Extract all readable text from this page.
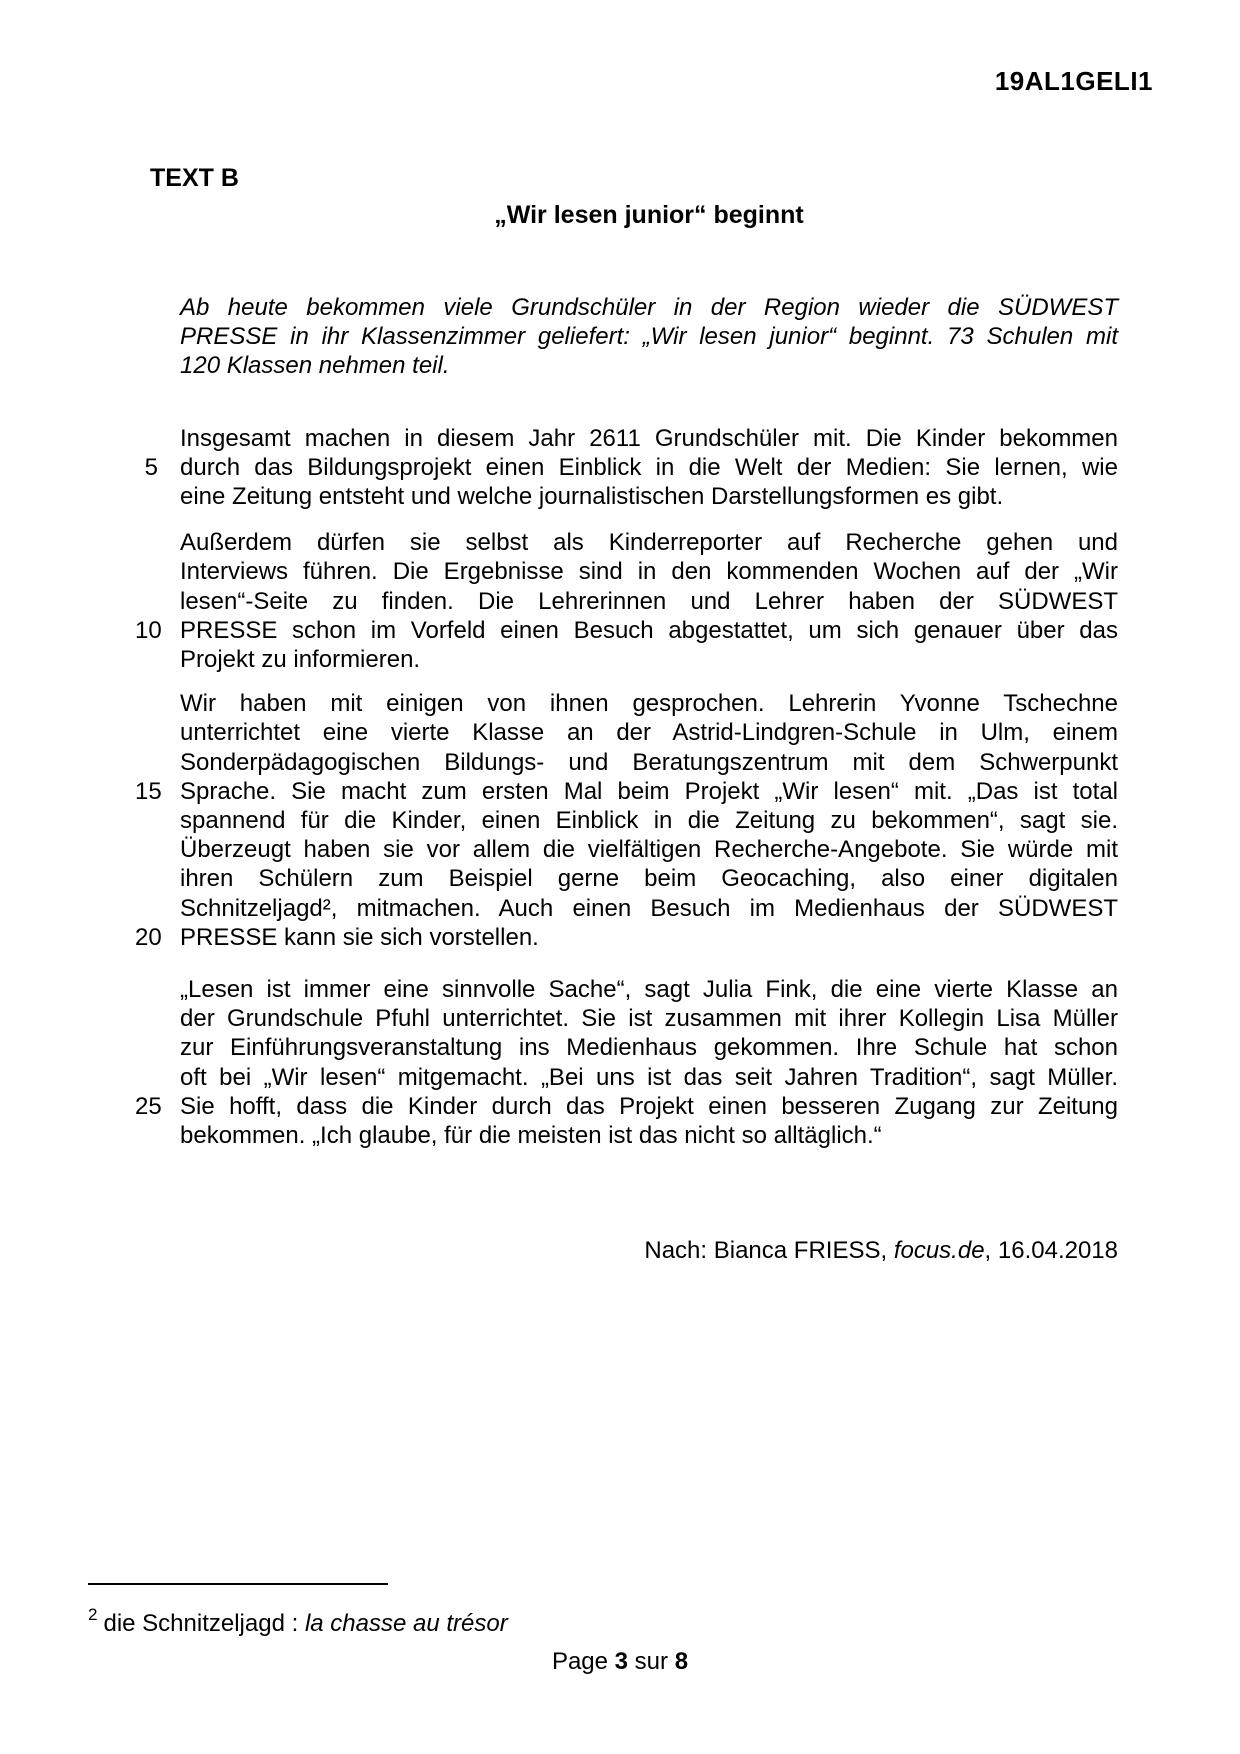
19AL1GELI1
TEXT B
„Wir lesen junior“ beginnt
Ab heute bekommen viele Grundschüler in der Region wieder die SÜDWEST
PRESSE in ihr Klassenzimmer geliefert: „Wir lesen junior“ beginnt. 73 Schulen mit
120 Klassen nehmen teil.
Insgesamt machen in diesem Jahr 2611 Grundschüler mit. Die Kinder bekommen
5 durch das Bildungsprojekt einen Einblick in die Welt der Medien: Sie lernen, wie
eine Zeitung entsteht und welche journalistischen Darstellungsformen es gibt.
Außerdem dürfen sie selbst als Kinderreporter auf Recherche gehen und
Interviews führen. Die Ergebnisse sind in den kommenden Wochen auf der „Wir
lesen“-Seite zu finden. Die Lehrerinnen und Lehrer haben der SÜDWEST
10 PRESSE schon im Vorfeld einen Besuch abgestattet, um sich genauer über das
Projekt zu informieren.
Wir haben mit einigen von ihnen gesprochen. Lehrerin Yvonne Tschechne
unterrichtet eine vierte Klasse an der Astrid-Lindgren-Schule in Ulm, einem
Sonderpädagogischen Bildungs- und Beratungszentrum mit dem Schwerpunkt
15 Sprache. Sie macht zum ersten Mal beim Projekt „Wir lesen“ mit. „Das ist total
spannend für die Kinder, einen Einblick in die Zeitung zu bekommen“, sagt sie.
Überzeugt haben sie vor allem die vielfältigen Recherche-Angebote. Sie würde mit
ihren Schülern zum Beispiel gerne beim Geocaching, also einer digitalen
Schnitzeljagd², mitmachen. Auch einen Besuch im Medienhaus der SÜDWEST
20 PRESSE kann sie sich vorstellen.
„Lesen ist immer eine sinnvolle Sache“, sagt Julia Fink, die eine vierte Klasse an
der Grundschule Pfuhl unterrichtet. Sie ist zusammen mit ihrer Kollegin Lisa Müller
zur Einführungsveranstaltung ins Medienhaus gekommen. Ihre Schule hat schon
oft bei „Wir lesen“ mitgemacht. „Bei uns ist das seit Jahren Tradition“, sagt Müller.
25 Sie hofft, dass die Kinder durch das Projekt einen besseren Zugang zur Zeitung
bekommen. „Ich glaube, für die meisten ist das nicht so alltäglich.“
Nach: Bianca FRIESS, focus.de, 16.04.2018
$^2$ die Schnitzeljagd : la chasse au trésor
Page 3 sur 8
